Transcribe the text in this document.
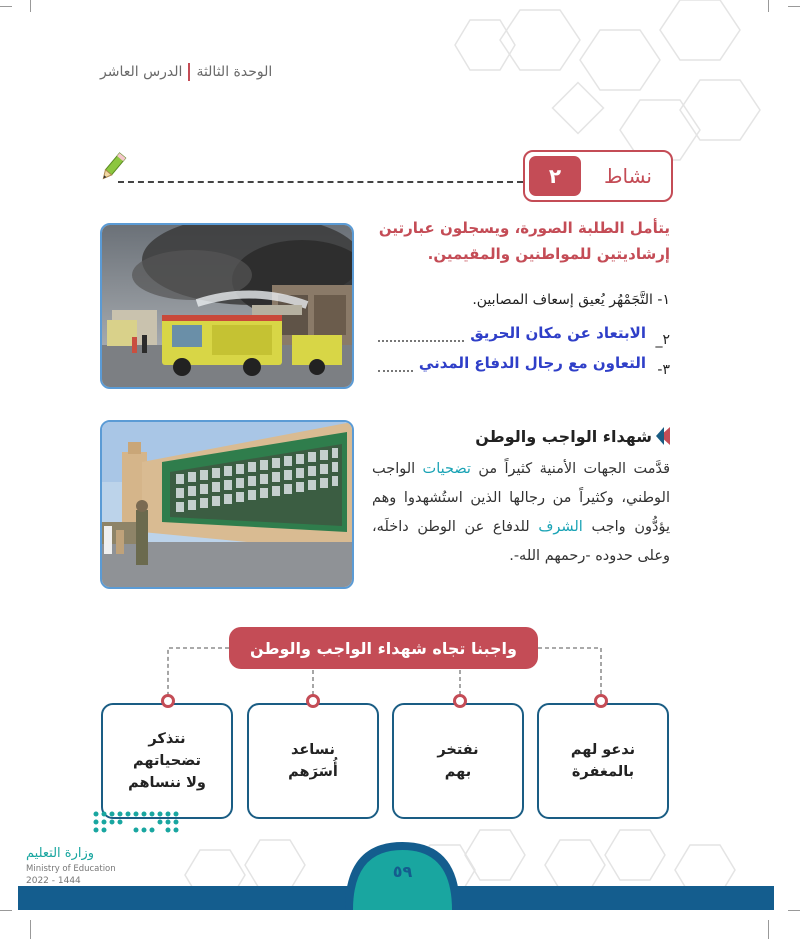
الوحدة الثالثة
الدرس العاشر
نشاط
٢
يتأمل الطلبة الصورة، ويسجلون عبارتين إرشاديتين للمواطنين والمقيمين.
١- التَّجَمْهُر يُعيق إسعاف المصابين.
٢_
الابتعاد عن مكان الحريق
٣-
التعاون مع رجال الدفاع المدني
شهداء الواجب والوطن
قدَّمت الجهات الأمنية كثيراً من تضحيات الواجب الوطني، وكثيراً من رجالها الذين استُشهدوا وهم يؤدُّون واجب الشرف للدفاع عن الوطن داخلَه، وعلى حدوده -رحمهم الله-.
واجبنا تجاه شهداء الواجب والوطن
ندعو لهم
بالمغفرة
نفتخر
بهم
نساعد
أُسَرَهم
نتذكر
تضحياتهم
ولا ننساهم
وزارة التعليم
Ministry of Education
2022 - 1444	٥٩
